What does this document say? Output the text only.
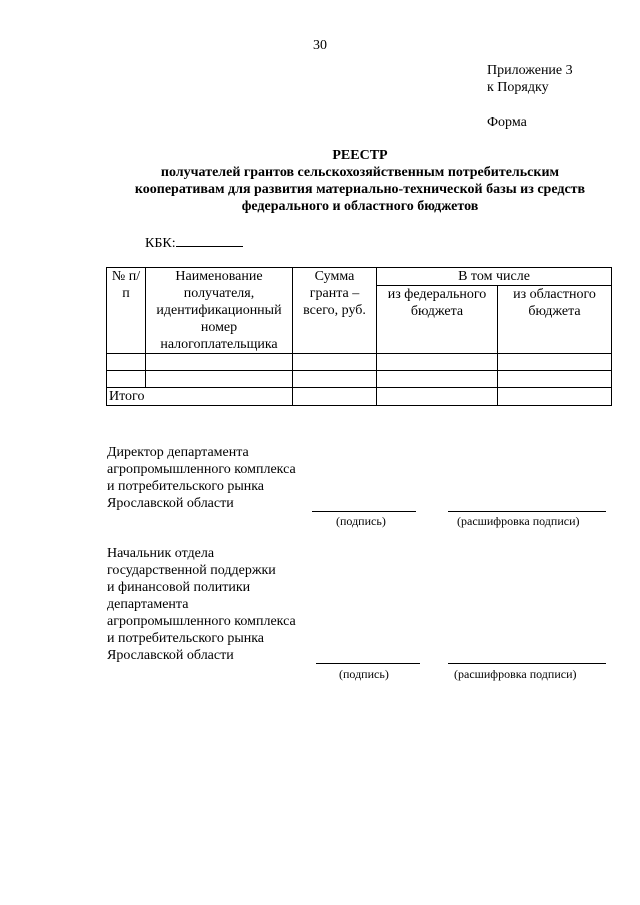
30
Приложение 3
к Порядку
Форма
РЕЕСТР
получателей грантов сельскохозяйственным потребительским
кооперативам для развития материально-технической базы из средств
федерального и областного бюджетов
КБК:
№ п/п	Наименование получателя, идентификационный номер налогоплательщика	Сумма гранта – всего, руб.	В том числе	
			из федерального бюджета	из областного бюджета

Итого				
Директор департамента
агропромышленного комплекса
и потребительского рынка
Ярославской области
(подпись)	(расшифровка подписи)
Начальник отдела
государственной поддержки
и финансовой политики
департамента
агропромышленного комплекса
и потребительского рынка
Ярославской области
(подпись)	(расшифровка подписи)
